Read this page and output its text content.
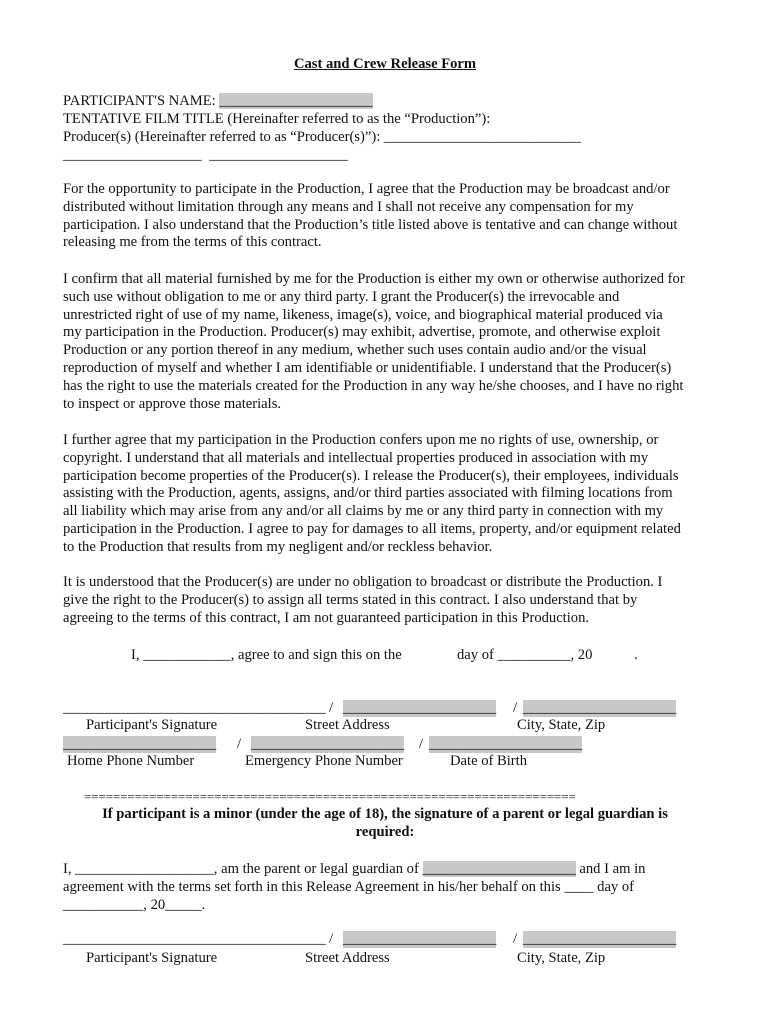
Cast and Crew Release Form
PARTICIPANT'S NAME: _____________________
TENTATIVE FILM TITLE (Hereinafter referred to as the “Production”):
Producer(s) (Hereinafter referred to as “Producer(s)”): ___________________________
___________________ ___________________
For the opportunity to participate in the Production, I agree that the Production may be broadcast and/or
distributed without limitation through any means and I shall not receive any compensation for my
participation. I also understand that the Production’s title listed above is tentative and can change without
releasing me from the terms of this contract.
I confirm that all material furnished by me for the Production is either my own or otherwise authorized for
such use without obligation to me or any third party. I grant the Producer(s) the irrevocable and
unrestricted right of use of my name, likeness, image(s), voice, and biographical material produced via
my participation in the Production. Producer(s) may exhibit, advertise, promote, and otherwise exploit
Production or any portion thereof in any medium, whether such uses contain audio and/or the visual
reproduction of myself and whether I am identifiable or unidentifiable. I understand that the Producer(s)
has the right to use the materials created for the Production in any way he/she chooses, and I have no right
to inspect or approve those materials.
I further agree that my participation in the Production confers upon me no rights of use, ownership, or
copyright. I understand that all materials and intellectual properties produced in association with my
participation become properties of the Producer(s). I release the Producer(s), their employees, individuals
assisting with the Production, agents, assigns, and/or third parties associated with filming locations from
all liability which may arise from any and/or all claims by me or any third party in connection with my
participation in the Production. I agree to pay for damages to all items, property, and/or equipment related
to the Production that results from my negligent and/or reckless behavior.
It is understood that the Producer(s) are under no obligation to broadcast or distribute the Production. I
give the right to the Producer(s) to assign all terms stated in this contract. I also understand that by
agreeing to the terms of this contract, I am not guaranteed participation in this Production.
I, ____________, agree to and sign this on the	day of __________, 20	.
____________________________________ / _____________________ / _____________________
Participant's Signature	Street Address	City, State, Zip
_____________________ / _____________________ / _____________________
Home Phone Number	Emergency Phone Number	Date of Birth
====================================================================
If participant is a minor (under the age of 18), the signature of a parent or legal guardian is
required:
I, ___________________, am the parent or legal guardian of _____________________ and I am in
agreement with the terms set forth in this Release Agreement in his/her behalf on this ____ day of
___________, 20_____.
____________________________________ / _____________________ / _____________________
Participant's Signature	Street Address	City, State, Zip
